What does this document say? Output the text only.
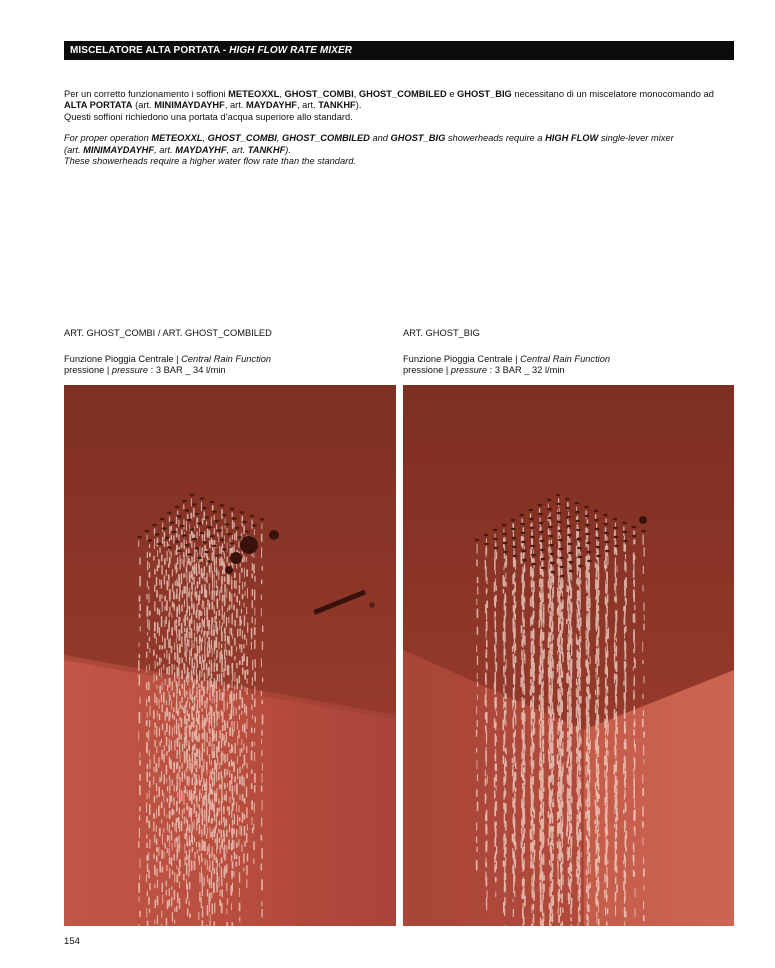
MISCELATORE ALTA PORTATA - HIGH FLOW RATE MIXER

Per un corretto funzionamento i soffioni METEOXXL, GHOST_COMBI, GHOST_COMBILED e GHOST_BIG necessitano di un miscelatore monocomando ad
ALTA PORTATA (art. MINIMAYDAYHF, art. MAYDAYHF, art. TANKHF).
Questi soffioni richiedono una portata d’acqua superiore allo standard.

For proper operation METEOXXL, GHOST_COMBI, GHOST_COMBILED and GHOST_BIG showerheads require a HIGH FLOW single-lever mixer
(art. MINIMAYDAYHF, art. MAYDAYHF, art. TANKHF).
These showerheads require a higher water flow rate than the standard.

ART. GHOST_COMBI / ART. GHOST_COMBILED

Funzione Pioggia Centrale | Central Rain Function

pressione | pressure : 3 BAR _ 34 l/min

ART. GHOST_BIG

Funzione Pioggia Centrale | Central Rain Function

pressione | pressure : 3 BAR _ 32 l/min

154
